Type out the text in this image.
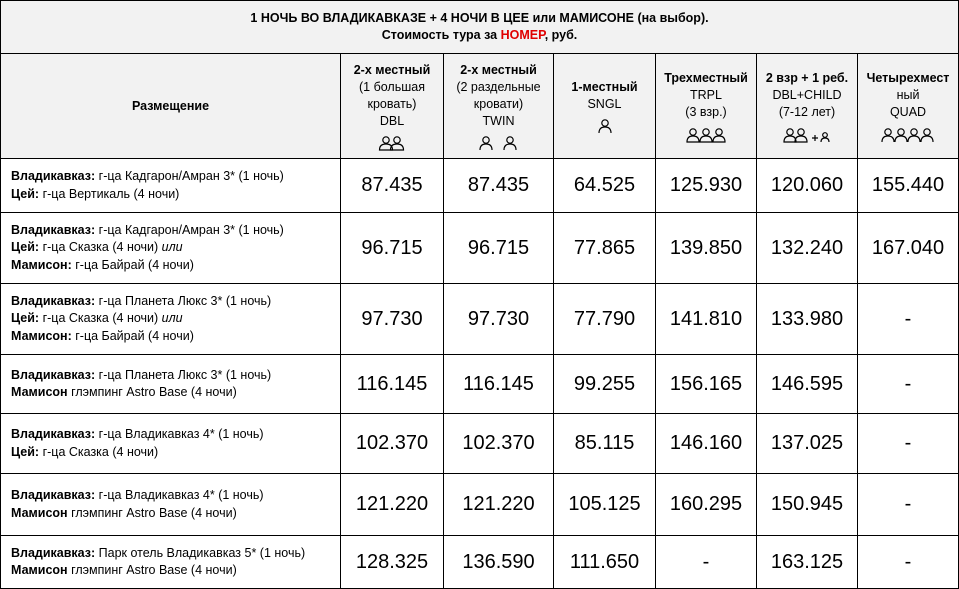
1 НОЧЬ ВО ВЛАДИКАВКАЗЕ + 4 НОЧИ В ЦЕЕ или МАМИСОНЕ (на выбор).
Стоимость тура за НОМЕР, руб.						

Размещение	2-х местный

(1 большая
кровать)
DBL	2-х местный

(2 раздельные
кровати)
TWIN	1-местный

SNGL	Трехместный

TRPL
(3 взр.)	2 взр + 1 реб.

DBL+CHILD
(7-12 лет)	Четырехмест

ный
QUAD

Владикавказ: г-ца Кадгарон/Амран 3* (1 ночь)
Цей: г-ца Вертикаль (4 ночи)	87.435	87.435	64.525	125.930	120.060	155.440

Владикавказ: г-ца Кадгарон/Амран 3* (1 ночь)
Цей: г-ца Сказка (4 ночи) или
Мамисон: г-ца Байрай (4 ночи)	96.715	96.715	77.865	139.850	132.240	167.040

Владикавказ: г-ца Планета Люкс 3* (1 ночь)
Цей: г-ца Сказка (4 ночи) или
Мамисон: г-ца Байрай (4 ночи)	97.730	97.730	77.790	141.810	133.980	-

Владикавказ: г-ца Планета Люкс 3* (1 ночь)
Мамисон глэмпинг Astro Base (4 ночи)	116.145	116.145	99.255	156.165	146.595	-

Владикавказ: г-ца Владикавказ 4* (1 ночь)
Цей: г-ца Сказка (4 ночи)	102.370	102.370	85.115	146.160	137.025	-

Владикавказ: г-ца Владикавказ 4* (1 ночь)
Мамисон глэмпинг Astro Base (4 ночи)	121.220	121.220	105.125	160.295	150.945	-

Владикавказ: Парк отель Владикавказ 5* (1 ночь)
Мамисон глэмпинг Astro Base (4 ночи)	128.325	136.590	111.650	-	163.125	-
